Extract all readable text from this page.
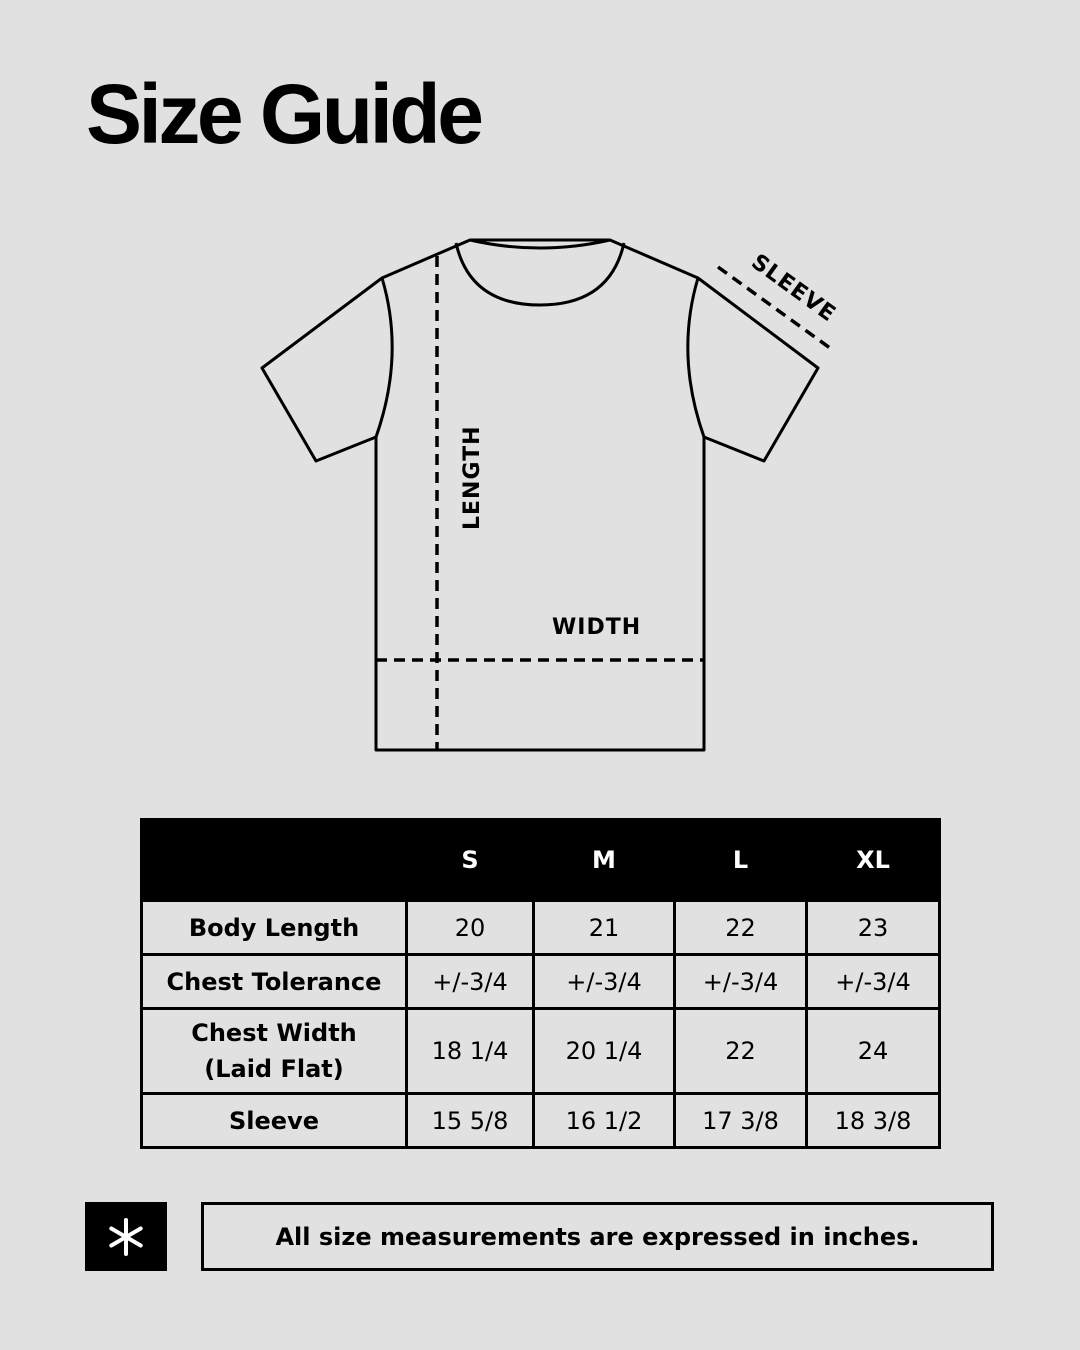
Size Guide
SLEEVE
LENGTH
WIDTH
	S	M	L	XL
Body Length	20	21	22	23
Chest Tolerance	+/-3/4	+/-3/4	+/-3/4	+/-3/4
Chest Width (Laid Flat)	18 1/4	20 1/4	22	24
Sleeve	15 5/8	16 1/2	17 3/8	18 3/8
All size measurements are expressed in inches.
